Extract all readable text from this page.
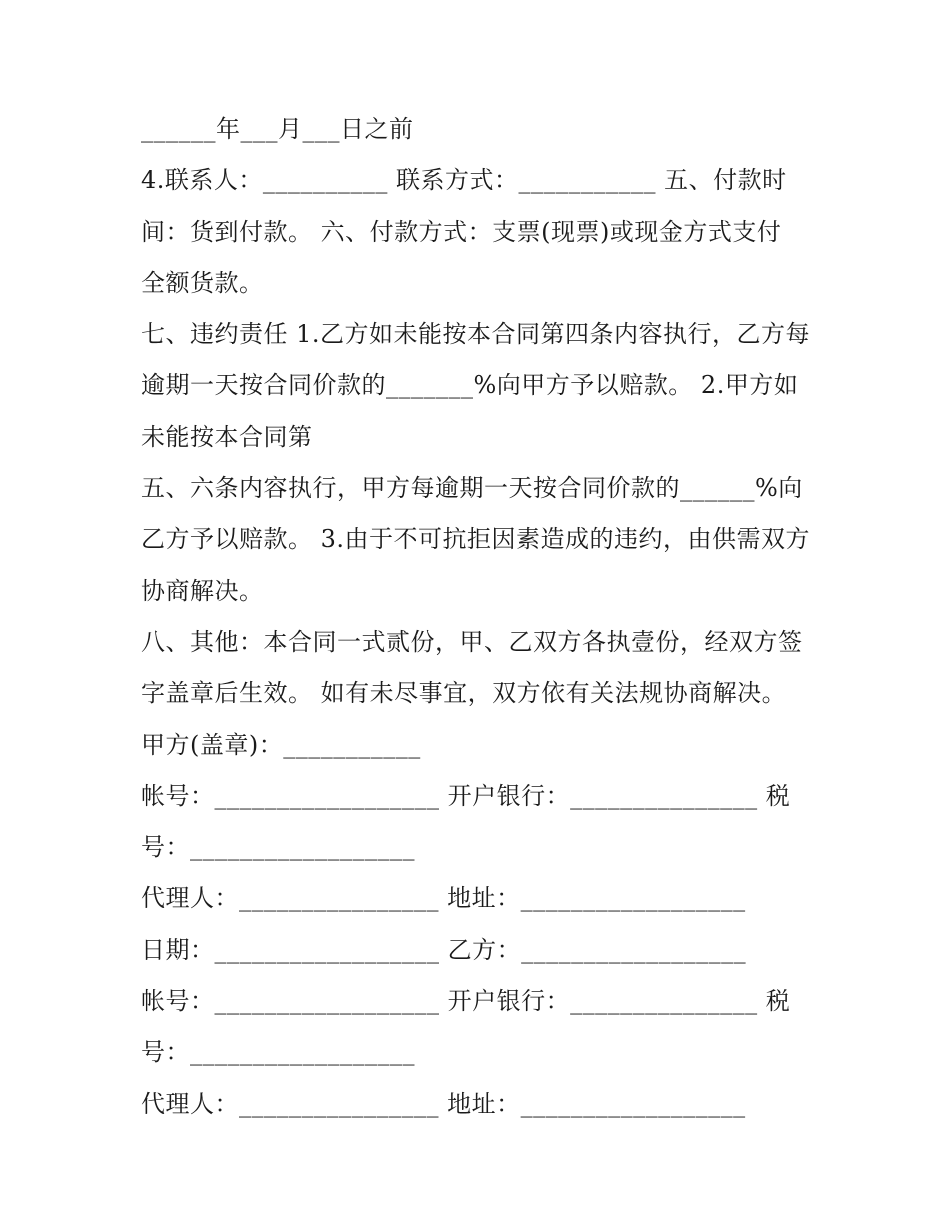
______年___月___日之前
4.联系人：__________ 联系方式：___________ 五、付款时
间：货到付款。 六、付款方式：支票(现票)或现金方式支付
全额货款。
七、违约责任 1.乙方如未能按本合同第四条内容执行，乙方每
逾期一天按合同价款的_______%向甲方予以赔款。 2.甲方如
未能按本合同第
五、六条内容执行，甲方每逾期一天按合同价款的______%向
乙方予以赔款。 3.由于不可抗拒因素造成的违约，由供需双方
协商解决。
八、其他：本合同一式贰份，甲、乙双方各执壹份，经双方签
字盖章后生效。 如有未尽事宜，双方依有关法规协商解决。
甲方(盖章)：___________
帐号：__________________ 开户银行：_______________ 税
号：__________________
代理人：________________ 地址：__________________
日期：__________________ 乙方：__________________
帐号：__________________ 开户银行：_______________ 税
号：__________________
代理人：________________ 地址：__________________
